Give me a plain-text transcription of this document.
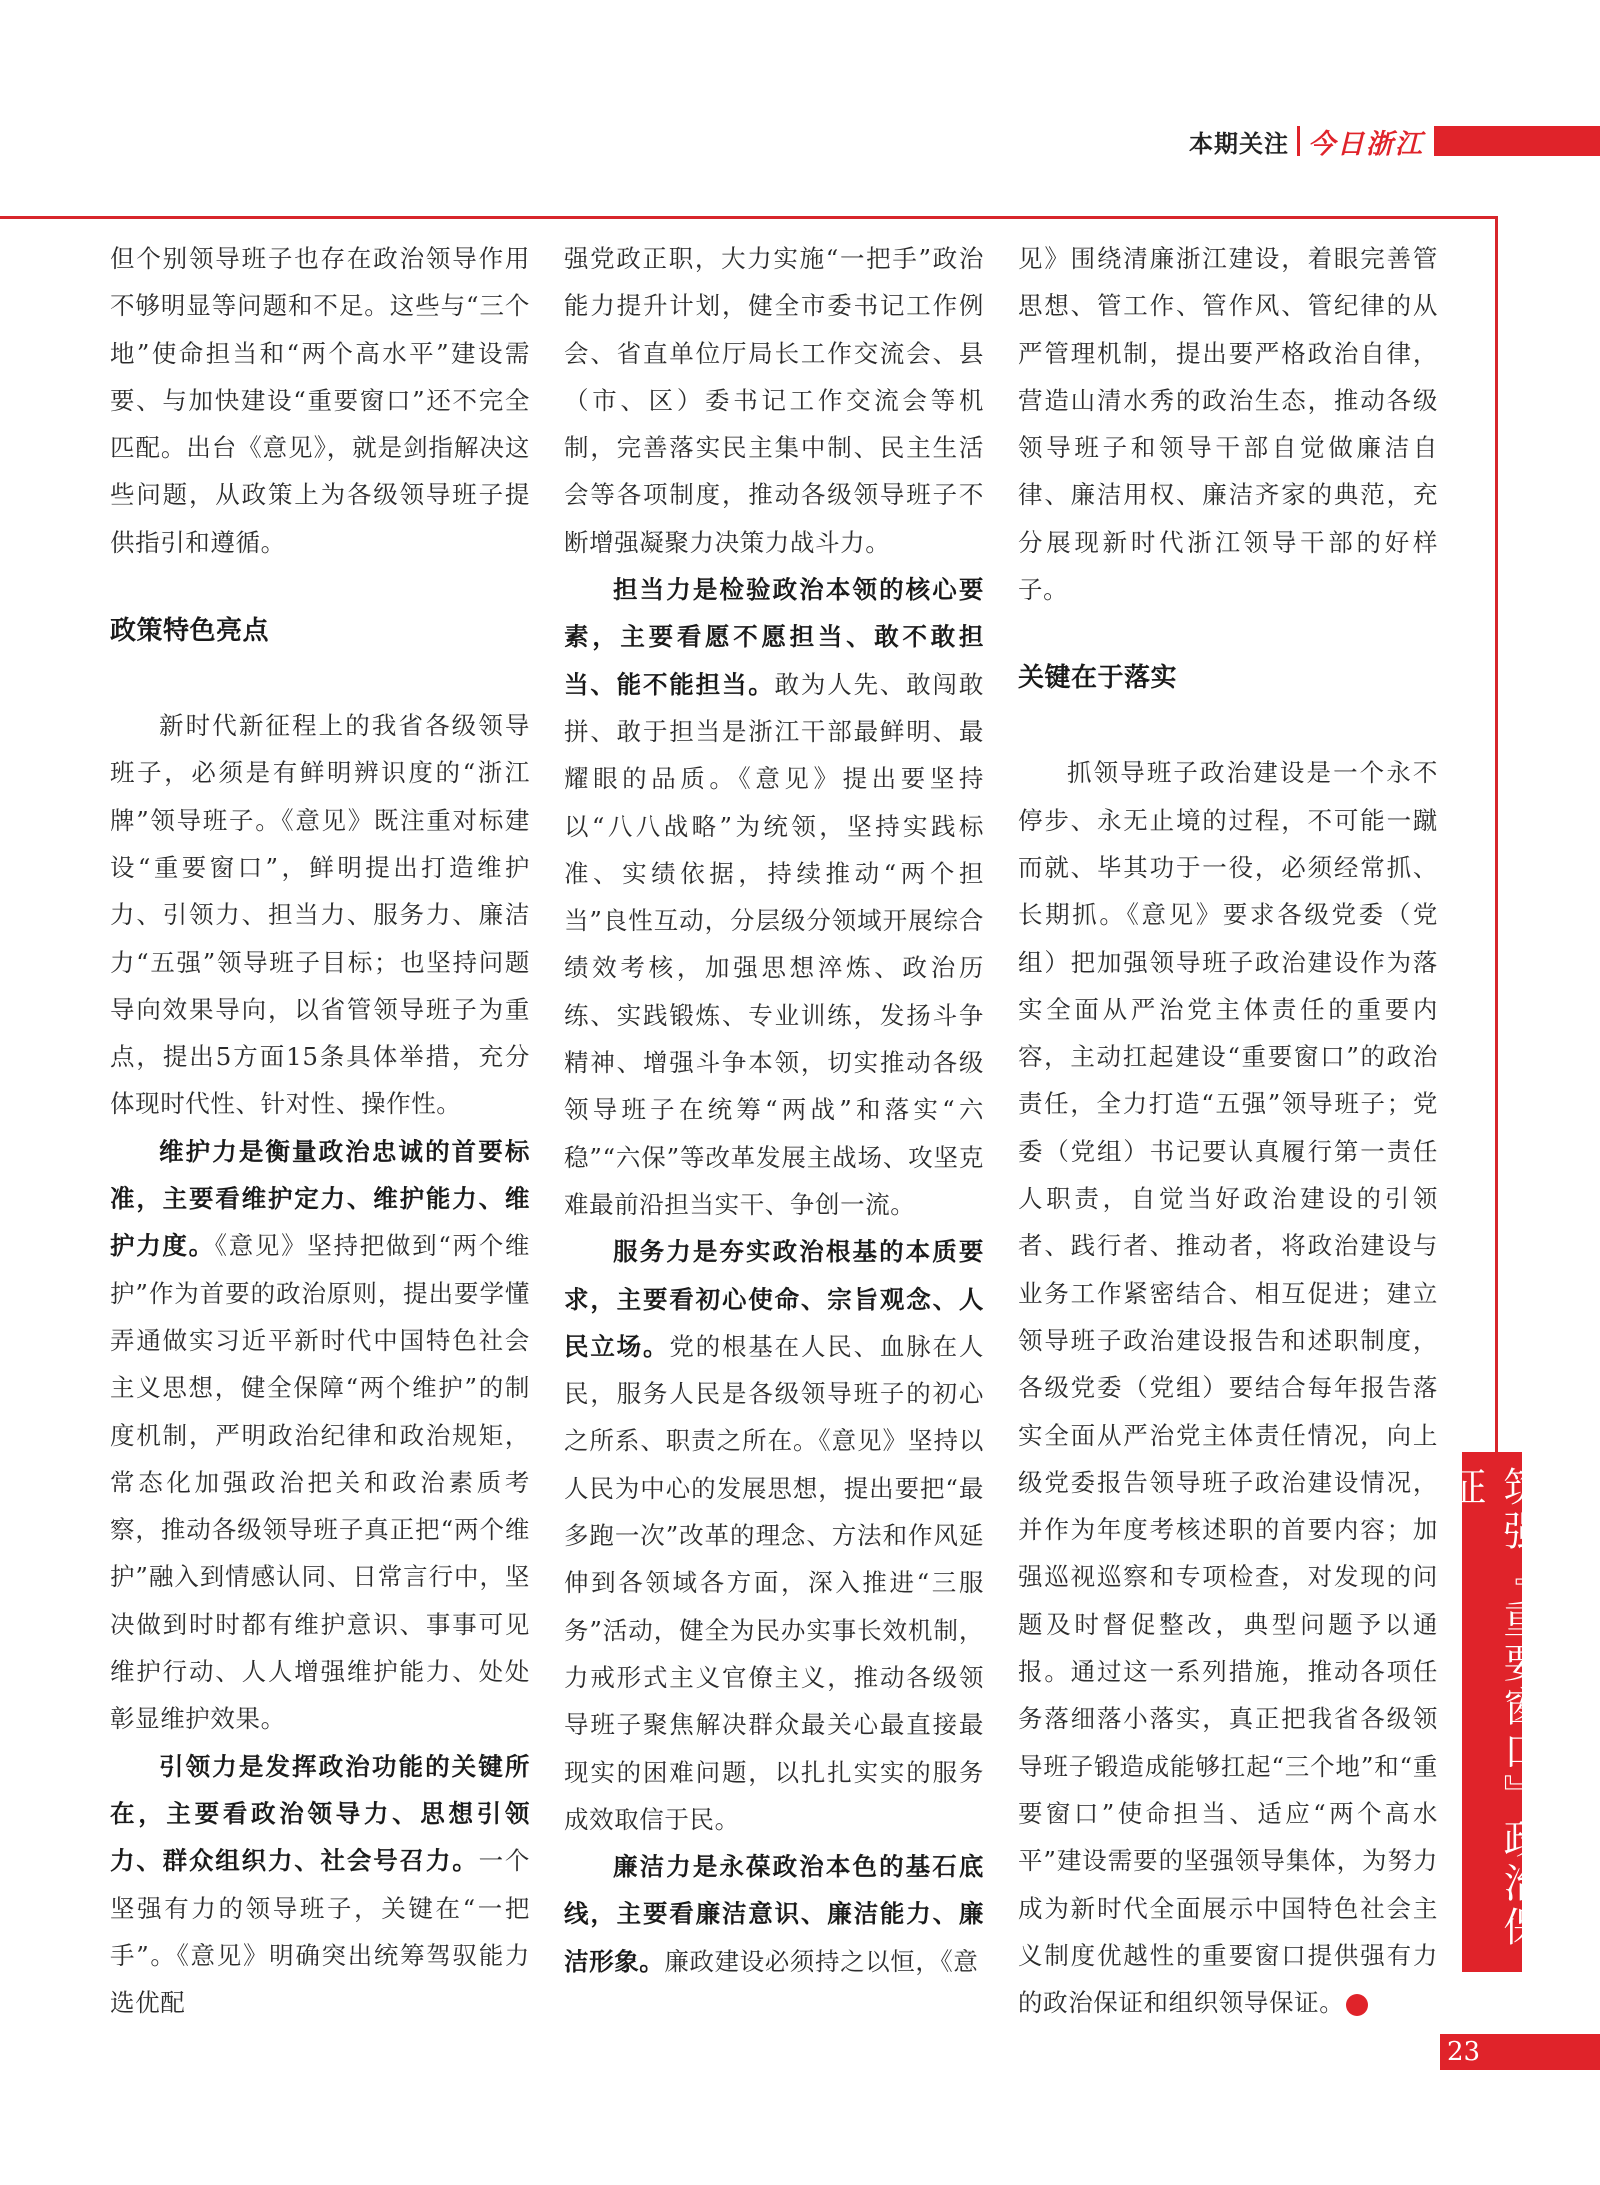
本期关注 今日浙江

但个别领导班子也存在政治领导作用不够明显等问题和不足。这些与“三个地”使命担当和“两个高水平”建设需要、与加快建设“重要窗口”还不完全匹配。出台《意见》，就是剑指解决这些问题，从政策上为各级领导班子提供指引和遵循。

政策特色亮点

新时代新征程上的我省各级领导班子，必须是有鲜明辨识度的“浙江牌”领导班子。《意见》既注重对标建设“重要窗口”，鲜明提出打造维护力、引领力、担当力、服务力、廉洁力“五强”领导班子目标；也坚持问题导向效果导向，以省管领导班子为重点，提出5方面15条具体举措，充分体现时代性、针对性、操作性。

维护力是衡量政治忠诚的首要标准，主要看维护定力、维护能力、维护力度。《意见》坚持把做到“两个维护”作为首要的政治原则，提出要学懂弄通做实习近平新时代中国特色社会主义思想，健全保障“两个维护”的制度机制，严明政治纪律和政治规矩，常态化加强政治把关和政治素质考察，推动各级领导班子真正把“两个维护”融入到情感认同、日常言行中，坚决做到时时都有维护意识、事事可见维护行动、人人增强维护能力、处处彰显维护效果。

引领力是发挥政治功能的关键所在，主要看政治领导力、思想引领力、群众组织力、社会号召力。一个坚强有力的领导班子，关键在“一把手”。《意见》明确突出统筹驾驭能力选优配

强党政正职，大力实施“一把手”政治能力提升计划，健全市委书记工作例会、省直单位厅局长工作交流会、县（市、区）委书记工作交流会等机制，完善落实民主集中制、民主生活会等各项制度，推动各级领导班子不断增强凝聚力决策力战斗力。

担当力是检验政治本领的核心要素，主要看愿不愿担当、敢不敢担当、能不能担当。敢为人先、敢闯敢拼、敢于担当是浙江干部最鲜明、最耀眼的品质。《意见》提出要坚持以“八八战略”为统领，坚持实践标准、实绩依据，持续推动“两个担当”良性互动，分层级分领域开展综合绩效考核，加强思想淬炼、政治历练、实践锻炼、专业训练，发扬斗争精神、增强斗争本领，切实推动各级领导班子在统筹“两战”和落实“六稳”“六保”等改革发展主战场、攻坚克难最前沿担当实干、争创一流。

服务力是夯实政治根基的本质要求，主要看初心使命、宗旨观念、人民立场。党的根基在人民、血脉在人民，服务人民是各级领导班子的初心之所系、职责之所在。《意见》坚持以人民为中心的发展思想，提出要把“最多跑一次”改革的理念、方法和作风延伸到各领域各方面，深入推进“三服务”活动，健全为民办实事长效机制，力戒形式主义官僚主义，推动各级领导班子聚焦解决群众最关心最直接最现实的困难问题，以扎扎实实的服务成效取信于民。

廉洁力是永葆政治本色的基石底线，主要看廉洁意识、廉洁能力、廉洁形象。廉政建设必须持之以恒，《意

见》围绕清廉浙江建设，着眼完善管思想、管工作、管作风、管纪律的从严管理机制，提出要严格政治自律，营造山清水秀的政治生态，推动各级领导班子和领导干部自觉做廉洁自律、廉洁用权、廉洁齐家的典范，充分展现新时代浙江领导干部的好样子。

关键在于落实

抓领导班子政治建设是一个永不停步、永无止境的过程，不可能一蹴而就、毕其功于一役，必须经常抓、长期抓。《意见》要求各级党委（党组）把加强领导班子政治建设作为落实全面从严治党主体责任的重要内容，主动扛起建设“重要窗口”的政治责任，全力打造“五强”领导班子；党委（党组）书记要认真履行第一责任人职责，自觉当好政治建设的引领者、践行者、推动者，将政治建设与业务工作紧密结合、相互促进；建立领导班子政治建设报告和述职制度，各级党委（党组）要结合每年报告落实全面从严治党主体责任情况，向上级党委报告领导班子政治建设情况，并作为年度考核述职的首要内容；加强巡视巡察和专项检查，对发现的问题及时督促整改，典型问题予以通报。通过这一系列措施，推动各项任务落细落小落实，真正把我省各级领导班子锻造成能够扛起“三个地”和“重要窗口”使命担当、适应“两个高水平”建设需要的坚强领导集体，为努力成为新时代全面展示中国特色社会主义制度优越性的重要窗口提供强有力的政治保证和组织领导保证。	今

筑强『重要窗口』政治保证
23
